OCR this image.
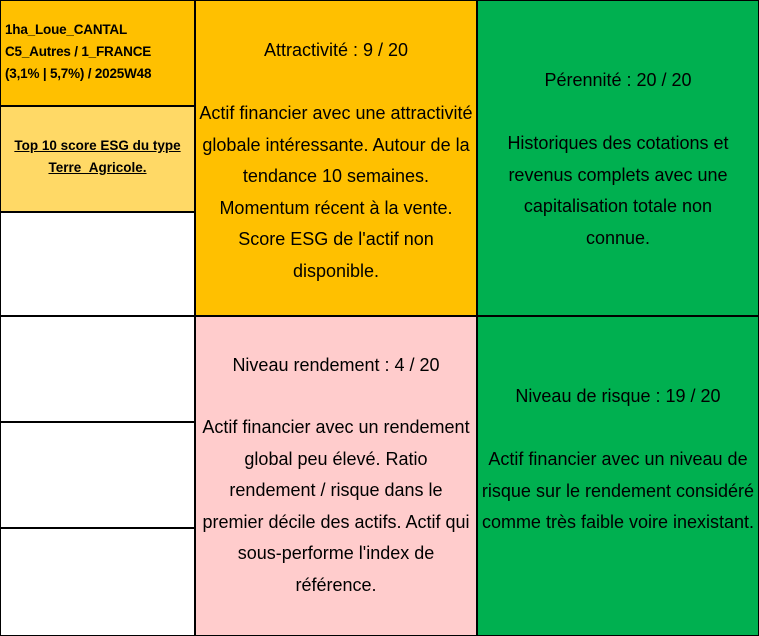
1ha_Loue_CANTAL
C5_Autres / 1_FRANCE
(3,1% | 5,7%) / 2025W48
Top 10 score ESG du type
Terre_Agricole.
Attractivité : 9 / 20
Actif financier avec une attractivité globale intéressante. Autour de la tendance 10 semaines. Momentum récent à la vente. Score ESG de l'actif non disponible.
Pérennité : 20 / 20
Historiques des cotations et revenus complets avec une capitalisation totale non connue.
Niveau rendement : 4 / 20
Actif financier avec un rendement global peu élevé. Ratio rendement / risque dans le premier décile des actifs. Actif qui sous-performe l'index de référence.
Niveau de risque : 19 / 20
Actif financier avec un niveau de risque sur le rendement considéré comme très faible voire inexistant.
